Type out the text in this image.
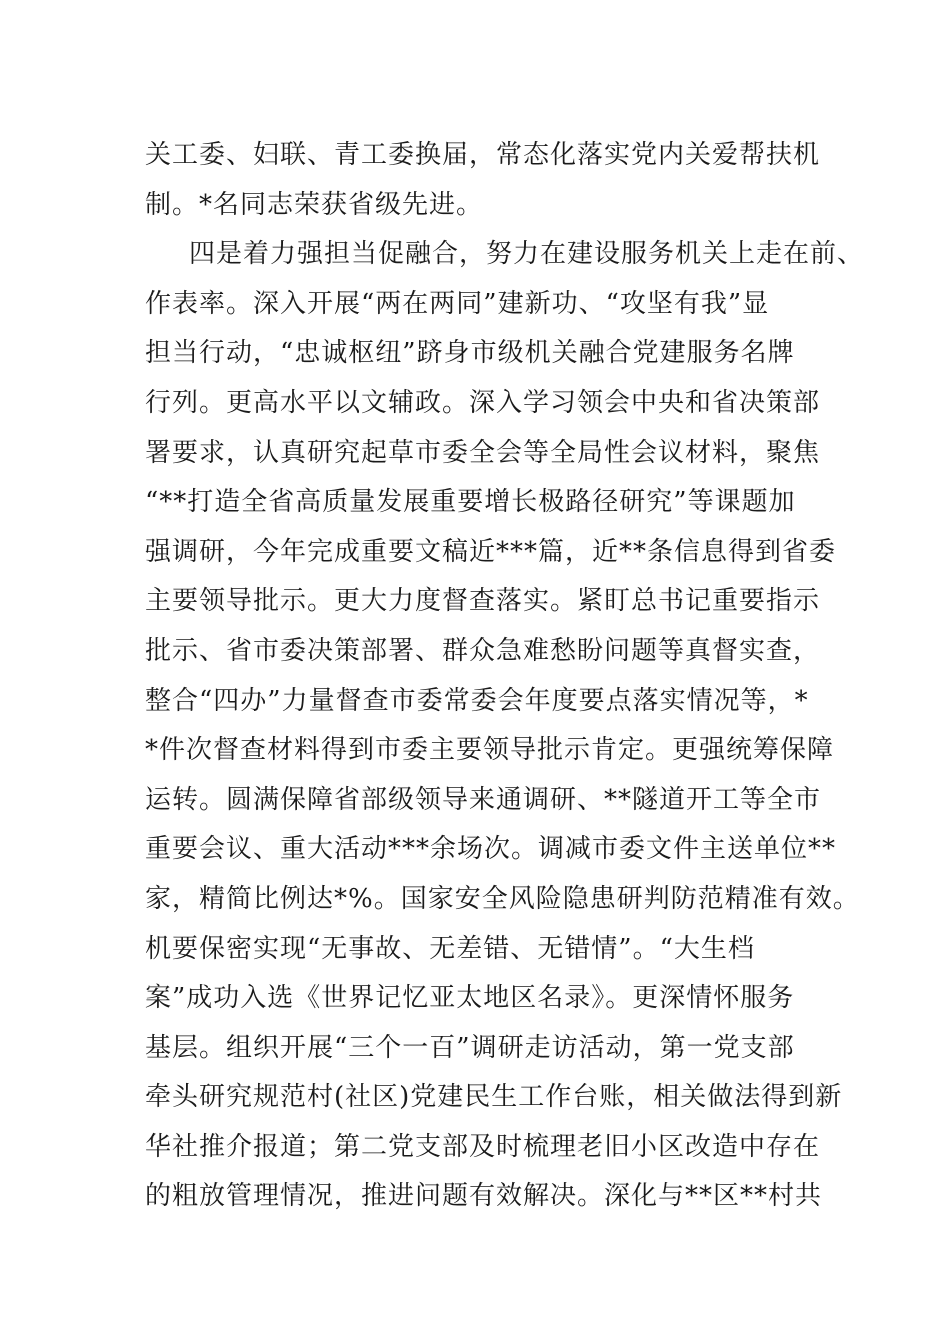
关工委、妇联、青工委换届，常态化落实党内关爱帮扶机
制。*名同志荣获省级先进。
四是着力强担当促融合，努力在建设服务机关上走在前、
作表率。深入开展“两在两同”建新功、“攻坚有我”显
担当行动，“忠诚枢纽”跻身市级机关融合党建服务名牌
行列。更高水平以文辅政。深入学习领会中央和省决策部
署要求，认真研究起草市委全会等全局性会议材料，聚焦
“**打造全省高质量发展重要增长极路径研究”等课题加
强调研，今年完成重要文稿近***篇，近**条信息得到省委
主要领导批示。更大力度督查落实。紧盯总书记重要指示
批示、省市委决策部署、群众急难愁盼问题等真督实查，
整合“四办”力量督查市委常委会年度要点落实情况等，*
*件次督查材料得到市委主要领导批示肯定。更强统筹保障
运转。圆满保障省部级领导来通调研、**隧道开工等全市
重要会议、重大活动***余场次。调减市委文件主送单位**
家，精简比例达*%。国家安全风险隐患研判防范精准有效。
机要保密实现“无事故、无差错、无错情”。“大生档
案”成功入选《世界记忆亚太地区名录》。更深情怀服务
基层。组织开展“三个一百”调研走访活动，第一党支部
牵头研究规范村(社区)党建民生工作台账，相关做法得到新
华社推介报道；第二党支部及时梳理老旧小区改造中存在
的粗放管理情况，推进问题有效解决。深化与**区**村共
